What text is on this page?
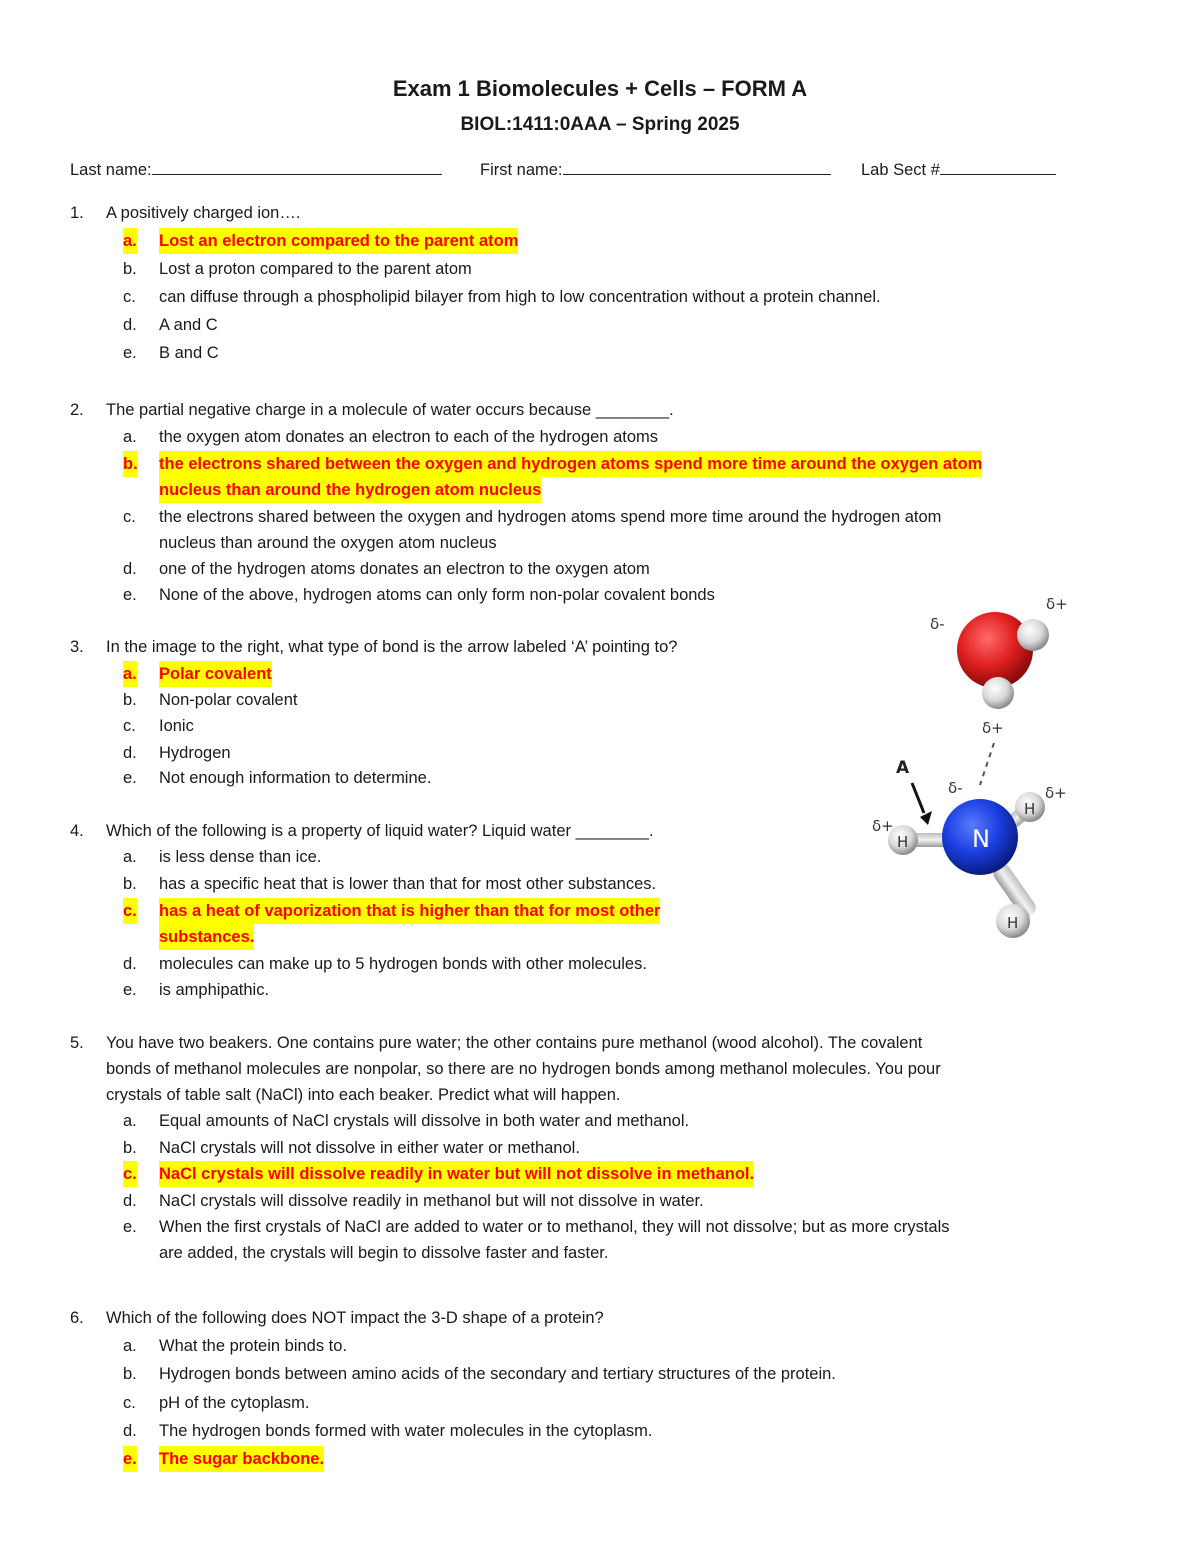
Exam 1 Biomolecules + Cells – FORM A
BIOL:1411:0AAA – Spring 2025
Last name:	First name:	Lab Sect #
1. A positively charged ion….
a. Lost an electron compared to the parent atom
b. Lost a proton compared to the parent atom
c. can diffuse through a phospholipid bilayer from high to low concentration without a protein channel.
d. A and C
e. B and C
2. The partial negative charge in a molecule of water occurs because ________.
a. the oxygen atom donates an electron to each of the hydrogen atoms
b. the electrons shared between the oxygen and hydrogen atoms spend more time around the oxygen atom
nucleus than around the hydrogen atom nucleus
c. the electrons shared between the oxygen and hydrogen atoms spend more time around the hydrogen atom
nucleus than around the oxygen atom nucleus
d. one of the hydrogen atoms donates an electron to the oxygen atom
e. None of the above, hydrogen atoms can only form non-polar covalent bonds
3. In the image to the right, what type of bond is the arrow labeled ‘A’ pointing to?
a. Polar covalent
b. Non-polar covalent
c. Ionic
d. Hydrogen
e. Not enough information to determine.
4. Which of the following is a property of liquid water? Liquid water ________.
a. is less dense than ice.
b. has a specific heat that is lower than that for most other substances.
c. has a heat of vaporization that is higher than that for most other
substances.
d. molecules can make up to 5 hydrogen bonds with other molecules.
e. is amphipathic.
5. You have two beakers. One contains pure water; the other contains pure methanol (wood alcohol). The covalent
bonds of methanol molecules are nonpolar, so there are no hydrogen bonds among methanol molecules. You pour
crystals of table salt (NaCl) into each beaker. Predict what will happen.
a. Equal amounts of NaCl crystals will dissolve in both water and methanol.
b. NaCl crystals will not dissolve in either water or methanol.
c. NaCl crystals will dissolve readily in water but will not dissolve in methanol.
d. NaCl crystals will dissolve readily in methanol but will not dissolve in water.
e. When the first crystals of NaCl are added to water or to methanol, they will not dissolve; but as more crystals
are added, the crystals will begin to dissolve faster and faster.
6. Which of the following does NOT impact the 3-D shape of a protein?
a. What the protein binds to.
b. Hydrogen bonds between amino acids of the secondary and tertiary structures of the protein.
c. pH of the cytoplasm.
d. The hydrogen bonds formed with water molecules in the cytoplasm.
e. The sugar backbone.
δ-
δ+
δ+
H
H
H
N
δ-	δ+
δ+
A
